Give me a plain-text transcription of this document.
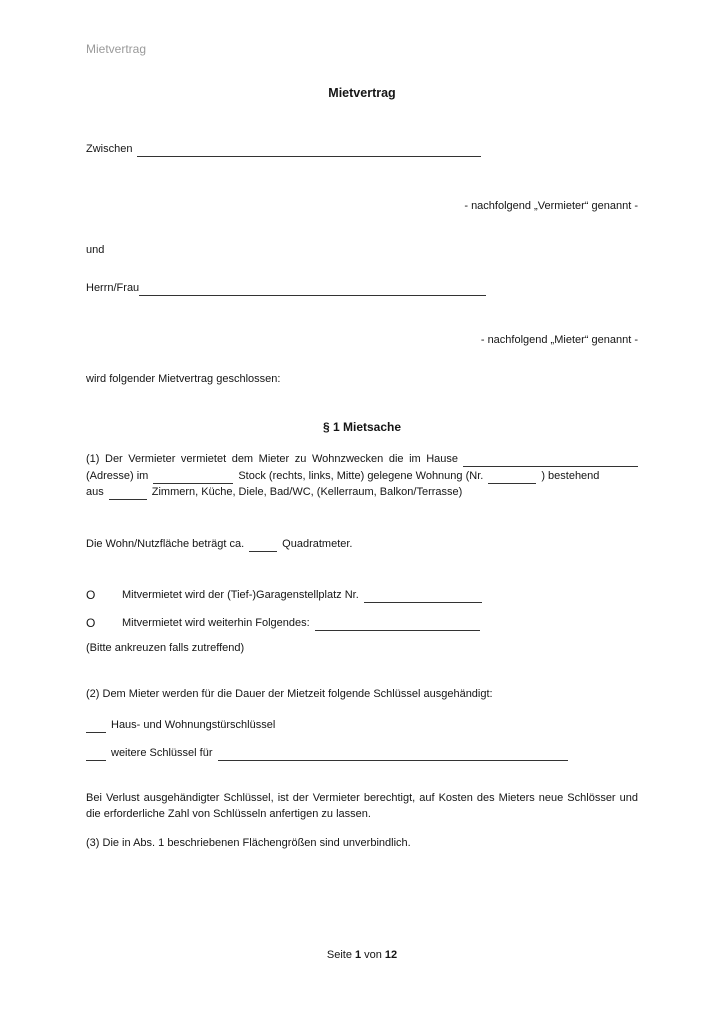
Mietvertrag
Mietvertrag
Zwischen
- nachfolgend „Vermieter“ genannt -
und
Herrn/Frau
- nachfolgend „Mieter“ genannt -
wird folgender Mietvertrag geschlossen:
§ 1 Mietsache
(1) Der Vermieter vermietet dem Mieter zu Wohnzwecken die im Hause
(Adresse) im	Stock (rechts, links, Mitte) gelegene Wohnung (Nr.	) bestehend
aus	Zimmern, Küche, Diele, Bad/WC, (Kellerraum, Balkon/Terrasse)
Die Wohn/Nutzfläche beträgt ca.	Quadratmeter.
O	Mitvermietet wird der (Tief-)Garagenstellplatz Nr.
O	Mitvermietet wird weiterhin Folgendes:
(Bitte ankreuzen falls zutreffend)
(2) Dem Mieter werden für die Dauer der Mietzeit folgende Schlüssel ausgehändigt:
Haus- und Wohnungstürschlüssel
weitere Schlüssel für
Bei Verlust ausgehändigter Schlüssel, ist der Vermieter berechtigt, auf Kosten des Mieters neue Schlösser und die erforderliche Zahl von Schlüsseln anfertigen zu lassen.
(3) Die in Abs. 1 beschriebenen Flächengrößen sind unverbindlich.
Seite 1 von 12
